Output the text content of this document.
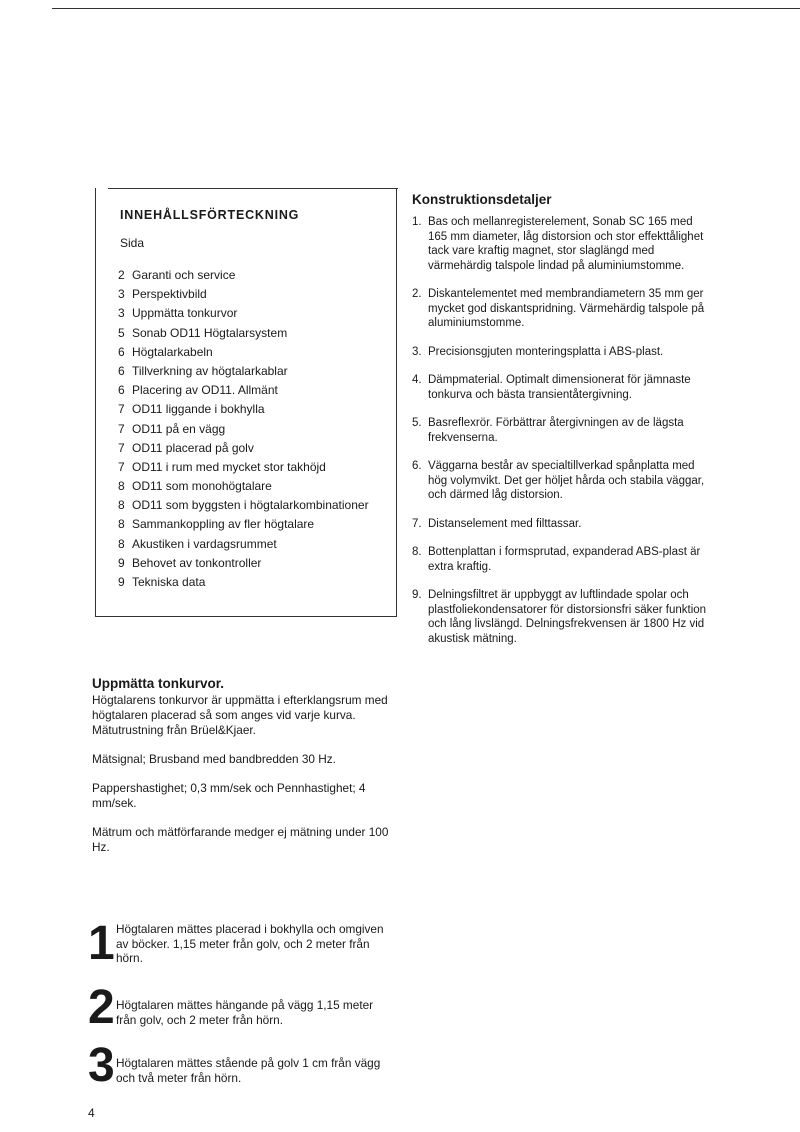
INNEHÅLLSFÖRTECKNING
Sida
2 Garanti och service
3 Perspektivbild
3 Uppmätta tonkurvor
5 Sonab OD11 Högtalarsystem
6 Högtalarkabeln
6 Tillverkning av högtalarkablar
6 Placering av OD11. Allmänt
7 OD11 liggande i bokhylla
7 OD11 på en vägg
7 OD11 placerad på golv
7 OD11 i rum med mycket stor takhöjd
8 OD11 som monohögtalare
8 OD11 som byggsten i högtalarkombinationer
8 Sammankoppling av fler högtalare
8 Akustiken i vardagsrummet
9 Behovet av tonkontroller
9 Tekniska data
Konstruktionsdetaljer
1. Bas och mellanregisterelement, Sonab SC 165 med 165 mm diameter, låg distorsion och stor effekttålighet tack vare kraftig magnet, stor slaglängd med värmehärdig talspole lindad på aluminiumstomme.
2. Diskantelementet med membrandiametern 35 mm ger mycket god diskantspridning. Värmehärdig talspole på aluminiumstomme.
3. Precisionsgjuten monteringsplatta i ABS-plast.
4. Dämpmaterial. Optimalt dimensionerat för jämnaste tonkurva och bästa transientåtergivning.
5. Basreflexrör. Förbättrar återgivningen av de lägsta frekvenserna.
6. Väggarna består av specialtillverkad spånplatta med hög volymvikt. Det ger höljet hårda och stabila väggar, och därmed låg distorsion.
7. Distanselement med filttassar.
8. Bottenplattan i formsprutad, expanderad ABS-plast är extra kraftig.
9. Delningsfiltret är uppbyggt av luftlindade spolar och plastfoliekondensatorer för distorsionsfri säker funktion och lång livslängd. Delningsfrekvensen är 1800 Hz vid akustisk mätning.
Uppmätta tonkurvor.

Högtalarens tonkurvor är uppmätta i efterklangsrum med högtalaren placerad så som anges vid varje kurva. Mätutrustning från Brüel&Kjaer.

Mätsignal; Brusband med bandbredden 30 Hz.

Pappershastighet; 0,3 mm/sek och Pennhastighet; 4 mm/sek.

Mätrum och mätförfarande medger ej mätning under 100 Hz.

1 Högtalaren mättes placerad i bokhylla och omgiven av böcker. 1,15 meter från golv, och 2 meter från hörn.
2 Högtalaren mättes hängande på vägg 1,15 meter från golv, och 2 meter från hörn.
3 Högtalaren mättes stående på golv 1 cm från vägg och två meter från hörn.
4
